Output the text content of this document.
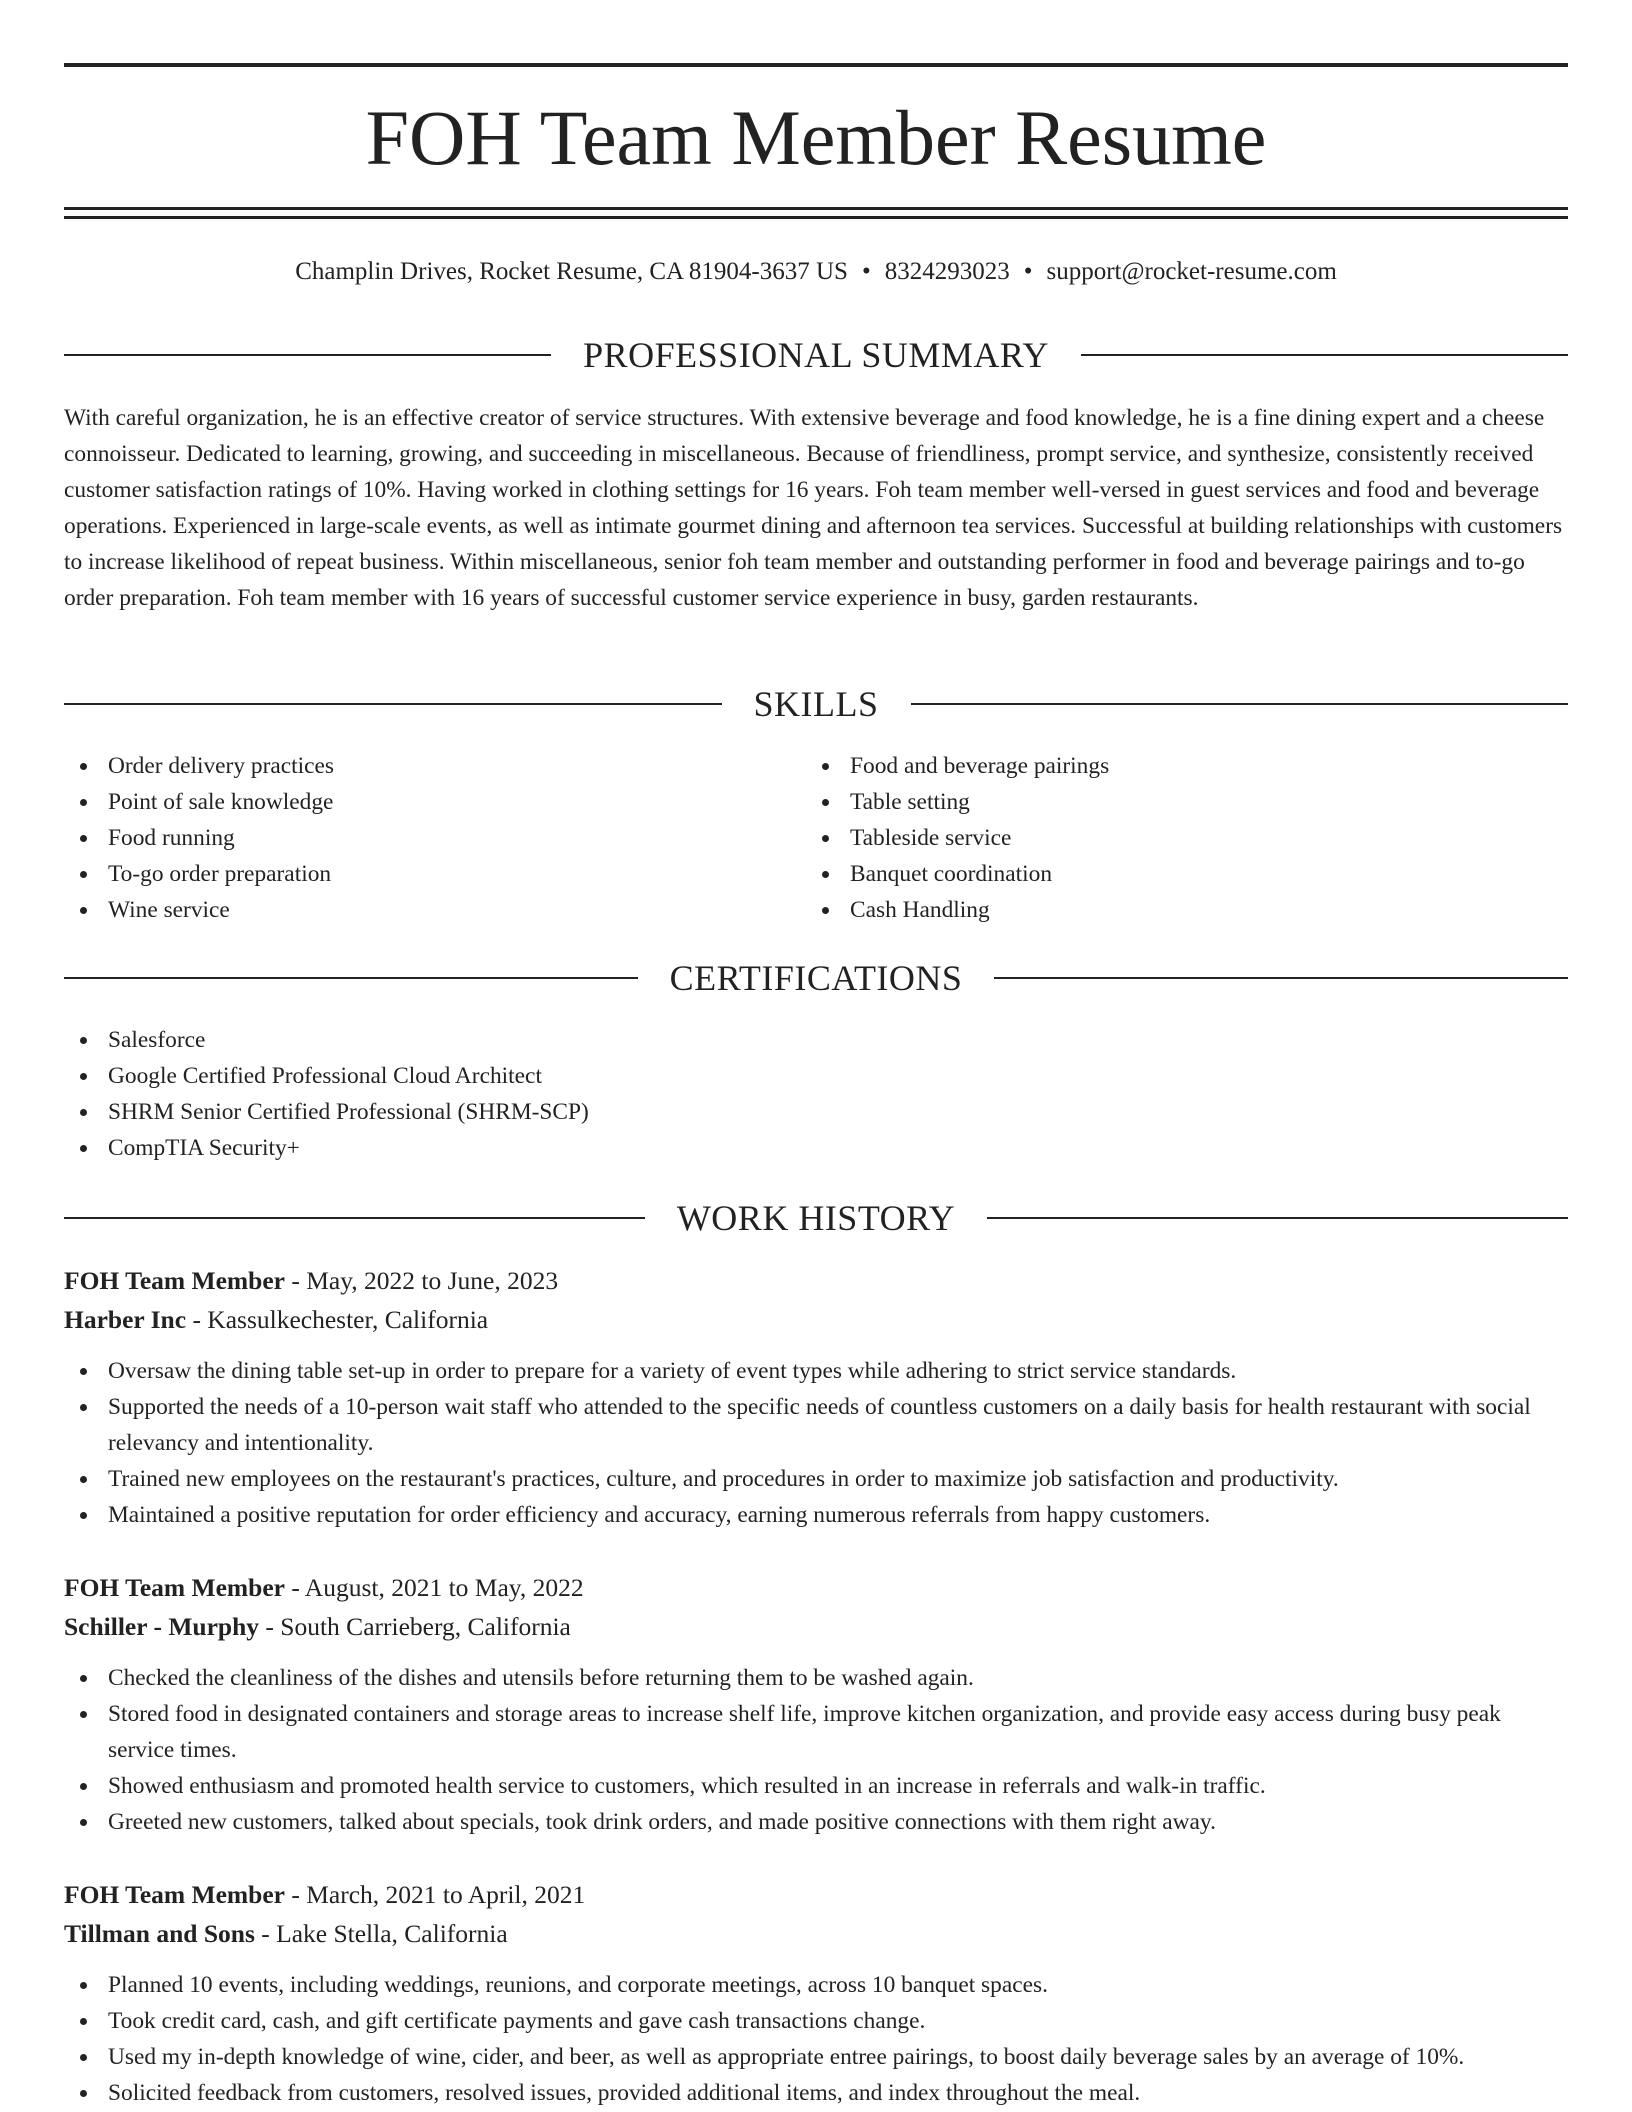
FOH Team Member Resume
Champlin Drives, Rocket Resume, CA 81904-3637 US • 8324293023 • support@rocket-resume.com
PROFESSIONAL SUMMARY

With careful organization, he is an effective creator of service structures. With extensive beverage and food knowledge, he is a fine dining expert and a cheese connoisseur. Dedicated to learning, growing, and succeeding in miscellaneous. Because of friendliness, prompt service, and synthesize, consistently received customer satisfaction ratings of 10%. Having worked in clothing settings for 16 years. Foh team member well-versed in guest services and food and beverage operations. Experienced in large-scale events, as well as intimate gourmet dining and afternoon tea services. Successful at building relationships with customers to increase likelihood of repeat business. Within miscellaneous, senior foh team member and outstanding performer in food and beverage pairings and to-go order preparation. Foh team member with 16 years of successful customer service experience in busy, garden restaurants.

SKILLS
Order delivery practices
Point of sale knowledge
Food running
To-go order preparation
Wine service
Food and beverage pairings
Table setting
Tableside service
Banquet coordination
Cash Handling
CERTIFICATIONS
Salesforce
Google Certified Professional Cloud Architect
SHRM Senior Certified Professional (SHRM-SCP)
CompTIA Security+
WORK HISTORY
FOH Team Member - May, 2022 to June, 2023
Harber Inc - Kassulkechester, California
Oversaw the dining table set-up in order to prepare for a variety of event types while adhering to strict service standards.
Supported the needs of a 10-person wait staff who attended to the specific needs of countless customers on a daily basis for health restaurant with social relevancy and intentionality.
Trained new employees on the restaurant's practices, culture, and procedures in order to maximize job satisfaction and productivity.
Maintained a positive reputation for order efficiency and accuracy, earning numerous referrals from happy customers.
FOH Team Member - August, 2021 to May, 2022
Schiller - Murphy - South Carrieberg, California
Checked the cleanliness of the dishes and utensils before returning them to be washed again.
Stored food in designated containers and storage areas to increase shelf life, improve kitchen organization, and provide easy access during busy peak service times.
Showed enthusiasm and promoted health service to customers, which resulted in an increase in referrals and walk-in traffic.
Greeted new customers, talked about specials, took drink orders, and made positive connections with them right away.
FOH Team Member - March, 2021 to April, 2021
Tillman and Sons - Lake Stella, California
Planned 10 events, including weddings, reunions, and corporate meetings, across 10 banquet spaces.
Took credit card, cash, and gift certificate payments and gave cash transactions change.
Used my in-depth knowledge of wine, cider, and beer, as well as appropriate entree pairings, to boost daily beverage sales by an average of 10%.
Solicited feedback from customers, resolved issues, provided additional items, and index throughout the meal.
